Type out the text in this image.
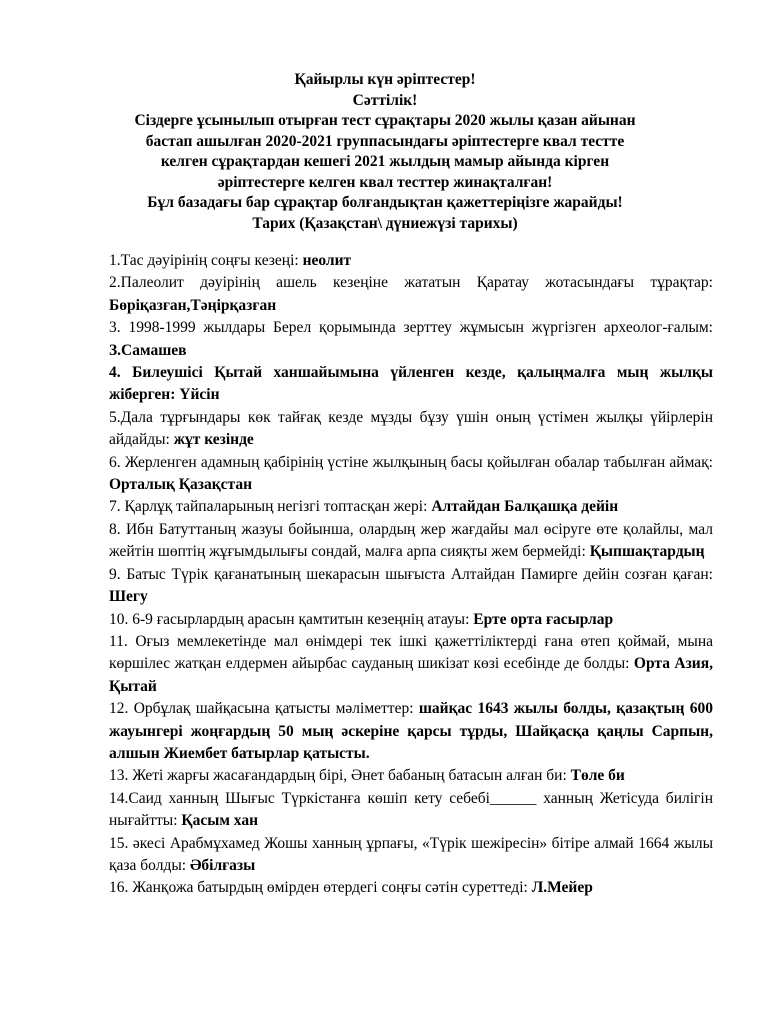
Қайырлы күн әріптестер!
Сәттілік!
Сіздерге ұсынылып отырған тест сұрақтары 2020 жылы қазан айынан
бастап ашылған 2020-2021 группасындағы әріптестерге квал тестте
келген сұрақтардан кешегі 2021 жылдың мамыр айында кірген
әріптестерге келген квал тесттер жинақталған!
Бұл базадағы бар сұрақтар болғандықтан қажеттеріңізге жарайды!
Тарих (Қазақстан\ дүниежүзі тарихы)

1.Тас дәуірінің соңғы кезеңі: неолит

2.Палеолит дәуірінің ашель кезеңіне жататын Қаратау жотасындағы тұрақтар: Бөріқазған,Тәңірқазған

3. 1998-1999 жылдары Берел қорымында зерттеу жұмысын жүргізген археолог-ғалым: З.Самашев

4. Билеушісі Қытай ханшайымына үйленген кезде, қалыңмалға мың жылқы жіберген: Үйсін

5.Дала тұрғындары көк тайғақ кезде мұзды бұзу үшін оның үстімен жылқы үйірлерін айдайды: жұт кезінде

6. Жерленген адамның қабірінің үстіне жылқының басы қойылған обалар табылған аймақ: Орталық Қазақстан

7. Қарлұқ тайпаларының негізгі топтасқан жері: Алтайдан Балқашқа дейін

8. Ибн Батуттаның жазуы бойынша, олардың жер жағдайы мал өсіруге өте қолайлы, мал жейтін шөптің жұғымдылығы сондай, малға арпа сияқты жем бермейді: Қыпшақтардың

9. Батыс Түрік қағанатының шекарасын шығыста Алтайдан Памирге дейін созған қаған: Шегу

10. 6-9 ғасырлардың арасын қамтитын кезеңнің атауы: Ерте орта ғасырлар

11. Оғыз мемлекетінде мал өнімдері тек ішкі қажеттіліктерді ғана өтеп қоймай, мына көршілес жатқан елдермен айырбас сауданың шикізат көзі есебінде де болды: Орта Азия, Қытай

12. Орбұлақ шайқасына қатысты мәліметтер: шайқас 1643 жылы болды, қазақтың 600 жауынгері жоңғардың 50 мың әскеріне қарсы тұрды, Шайқасқа қаңлы Сарпын, алшын Жиембет батырлар қатысты.

13. Жеті жарғы жасағандардың бірі, Әнет бабаның батасын алған би: Төле би

14.Саид ханның Шығыс Түркістанға көшіп кету себебі______ ханның Жетісуда билігін нығайтты: Қасым хан

15. әкесі Арабмұхамед Жошы ханның ұрпағы, «Түрік шежіресін» бітіре алмай 1664 жылы қаза болды: Әбілғазы

16. Жанқожа батырдың өмірден өтердегі соңғы сәтін суреттеді: Л.Мейер
